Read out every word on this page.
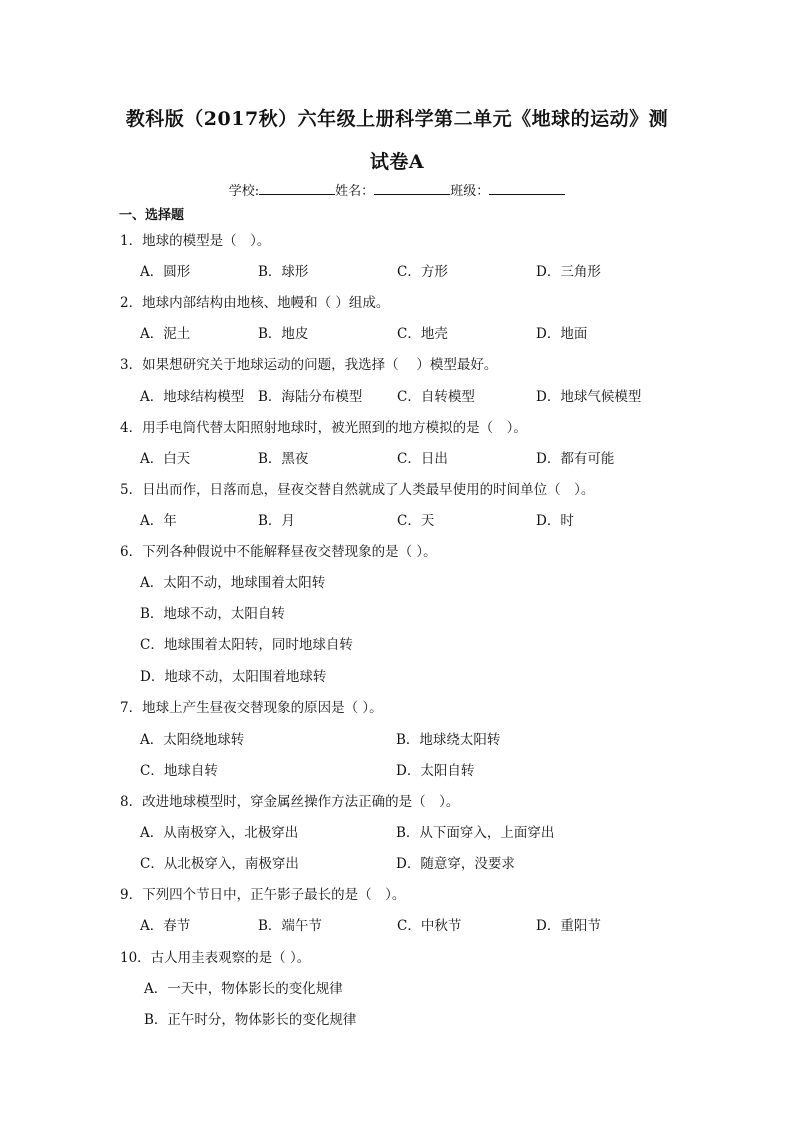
教科版（2017秋）六年级上册科学第二单元《地球的运动》测
试卷A
学校:	姓名：	班级：
一、选择题
1．地球的模型是（　）。
A．圆形	B．球形	C．方形	D．三角形
2．地球内部结构由地核、地幔和（ ）组成。
A．泥土	B．地皮	C．地壳	D．地面
3．如果想研究关于地球运动的问题，我选择（　 ）模型最好。
A．地球结构模型 B．海陆分布模型	C．自转模型	D．地球气候模型
4．用手电筒代替太阳照射地球时，被光照到的地方模拟的是（　）。
A．白天	B．黑夜	C．日出	D．都有可能
5．日出而作，日落而息，昼夜交替自然就成了人类最早使用的时间单位（　）。
A．年	B．月	C．天	D．时
6．下列各种假说中不能解释昼夜交替现象的是（ ）。
A．太阳不动，地球围着太阳转
B．地球不动，太阳自转
C．地球围着太阳转，同时地球自转
D．地球不动，太阳围着地球转
7．地球上产生昼夜交替现象的原因是（ ）。
A．太阳绕地球转	B．地球绕太阳转
C．地球自转	D．太阳自转
8．改进地球模型时，穿金属丝操作方法正确的是（　）。
A．从南极穿入，北极穿出	B．从下面穿入，上面穿出
C．从北极穿入，南极穿出	D．随意穿，没要求
9．下列四个节日中，正午影子最长的是（　）。
A．春节	B．端午节	C．中秋节	D．重阳节
10．古人用圭表观察的是（ ）。
A．一天中，物体影长的变化规律
B．正午时分，物体影长的变化规律
